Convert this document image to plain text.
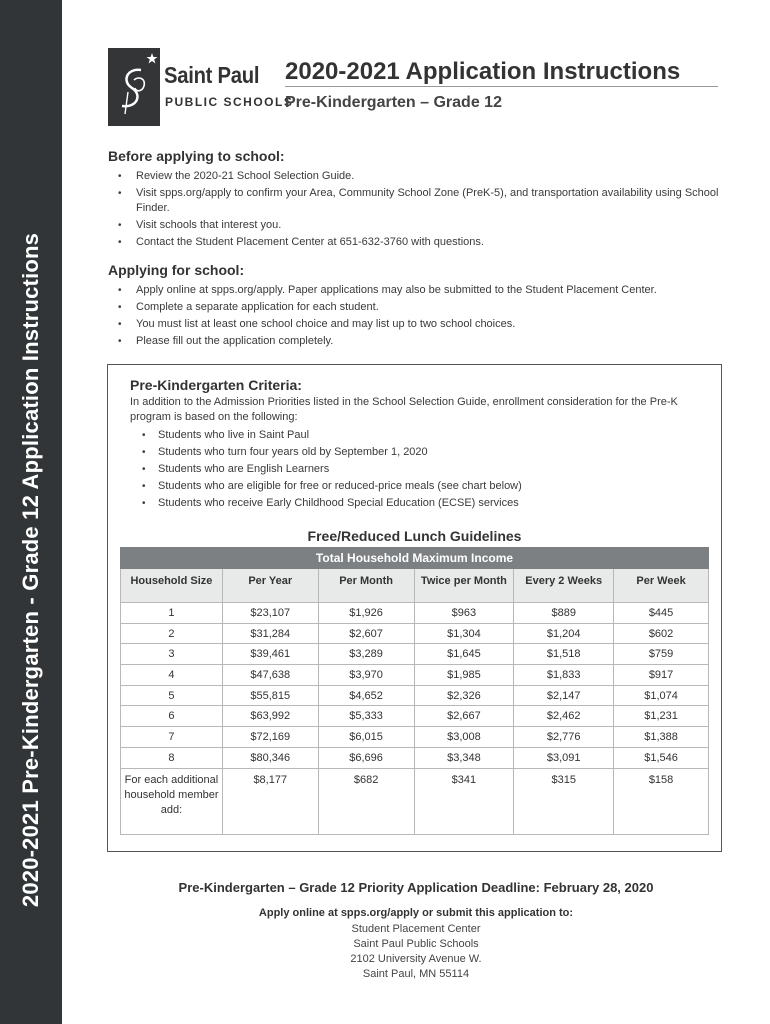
2020-2021 Pre-Kindergarten - Grade 12 Application Instructions
Saint Paul
PUBLIC SCHOOLS
2020-2021 Application Instructions
Pre-Kindergarten – Grade 12
Before applying to school:
• Review the 2020-21 School Selection Guide.
• Visit spps.org/apply to confirm your Area, Community School Zone (PreK-5), and transportation availability using School Finder.
• Visit schools that interest you.
• Contact the Student Placement Center at 651-632-3760 with questions.
Applying for school:
• Apply online at spps.org/apply. Paper applications may also be submitted to the Student Placement Center.
• Complete a separate application for each student.
• You must list at least one school choice and may list up to two school choices.
• Please fill out the application completely.
Pre-Kindergarten Criteria:
In addition to the Admission Priorities listed in the School Selection Guide, enrollment consideration for the Pre-K program is based on the following:
• Students who live in Saint Paul
• Students who turn four years old by September 1, 2020
• Students who are English Learners
• Students who are eligible for free or reduced-price meals (see chart below)
• Students who receive Early Childhood Special Education (ECSE) services
Free/Reduced Lunch Guidelines
Total Household Maximum Income					
Household Size	Per Year	Per Month	Twice per Month	Every 2 Weeks	Per Week
1	$23,107	$1,926	$963	$889	$445
2	$31,284	$2,607	$1,304	$1,204	$602
3	$39,461	$3,289	$1,645	$1,518	$759
4	$47,638	$3,970	$1,985	$1,833	$917
5	$55,815	$4,652	$2,326	$2,147	$1,074
6	$63,992	$5,333	$2,667	$2,462	$1,231
7	$72,169	$6,015	$3,008	$2,776	$1,388
8	$80,346	$6,696	$3,348	$3,091	$1,546
For each additional household member add:	$8,177	$682	$341	$315	$158
Pre-Kindergarten – Grade 12 Priority Application Deadline: February 28, 2020
Apply online at spps.org/apply or submit this application to:
Student Placement Center
Saint Paul Public Schools
2102 University Avenue W.
Saint Paul, MN 55114
